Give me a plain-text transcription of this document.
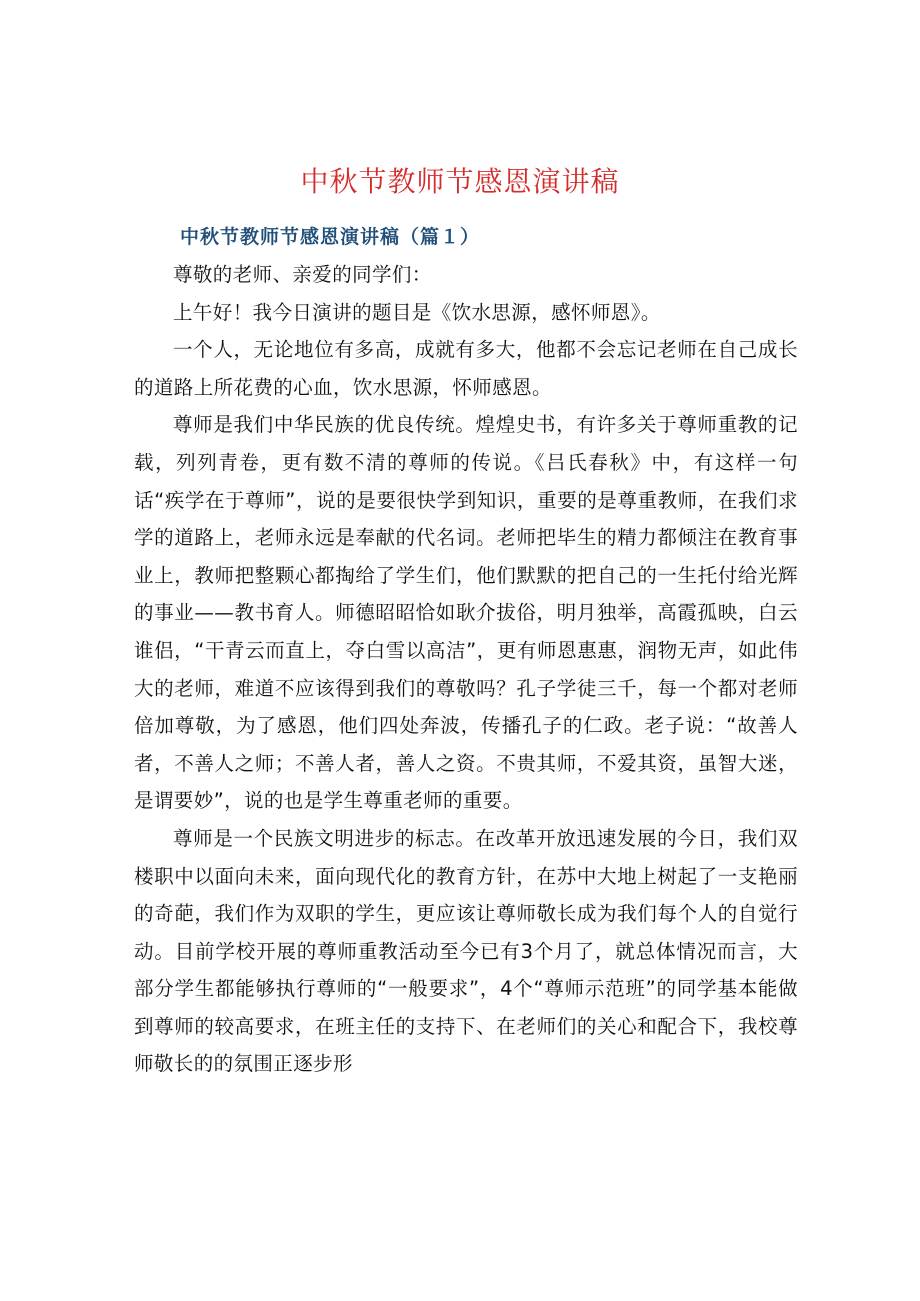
中秋节教师节感恩演讲稿
中秋节教师节感恩演讲稿（篇１）

尊敬的老师、亲爱的同学们：

上午好！我今日演讲的题目是《饮水思源，感怀师恩》。

一个人，无论地位有多高，成就有多大，他都不会忘记老师在自己成长的道路上所花费的心血，饮水思源，怀师感恩。

尊师是我们中华民族的优良传统。煌煌史书，有许多关于尊师重教的记载，列列青卷，更有数不清的尊师的传说。《吕氏春秋》中，有这样一句话“疾学在于尊师”，说的是要很快学到知识，重要的是尊重教师，在我们求学的道路上，老师永远是奉献的代名词。老师把毕生的精力都倾注在教育事业上，教师把整颗心都掏给了学生们，他们默默的把自己的一生托付给光辉的事业——教书育人。师德昭昭恰如耿介拔俗，明月独举，高霞孤映，白云谁侣，“干青云而直上，夺白雪以高洁”，更有师恩惠惠，润物无声，如此伟大的老师，难道不应该得到我们的尊敬吗？孔子学徒三千，每一个都对老师倍加尊敬，为了感恩，他们四处奔波，传播孔子的仁政。老子说：“故善人者，不善人之师；不善人者，善人之资。不贵其师，不爱其资，虽智大迷，是谓要妙”，说的也是学生尊重老师的重要。

尊师是一个民族文明进步的标志。在改革开放迅速发展的今日，我们双楼职中以面向未来，面向现代化的教育方针，在苏中大地上树起了一支艳丽的奇葩，我们作为双职的学生，更应该让尊师敬长成为我们每个人的自觉行动。目前学校开展的尊师重教活动至今已有3个月了，就总体情况而言，大部分学生都能够执行尊师的“一般要求”，4个“尊师示范班”的同学基本能做到尊师的较高要求，在班主任的支持下、在老师们的关心和配合下，我校尊师敬长的的氛围正逐步形
